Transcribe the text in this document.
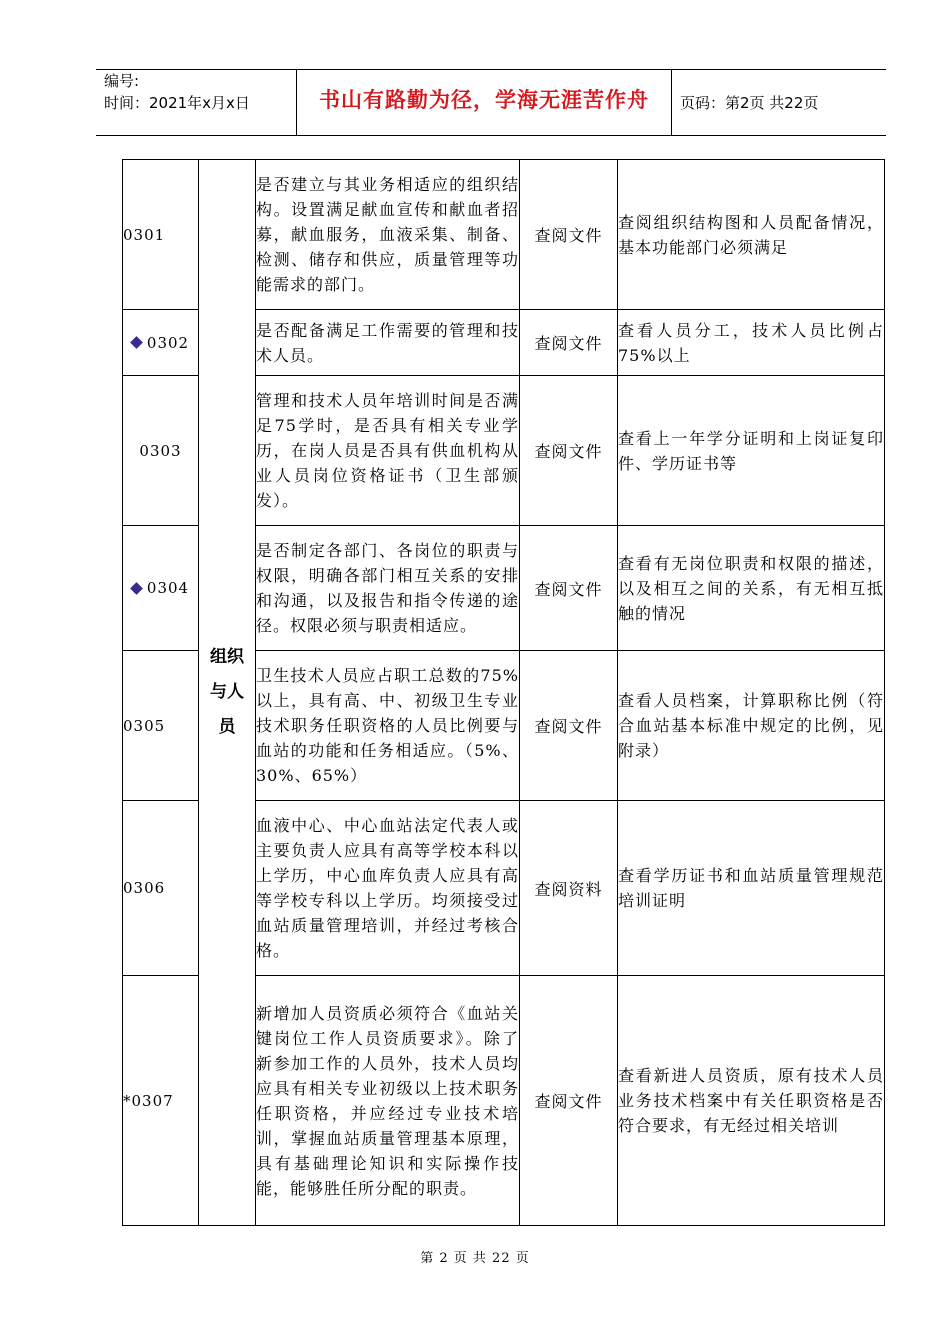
编号:
时间：2021年x月x日	书山有路勤为径，学海无涯苦作舟	页码：第2页 共22页
0301	组织与人员	是否建立与其业务相适应的组织结构。设置满足献血宣传和献血者招募，献血服务，血液采集、制备、检测、储存和供应，质量管理等功能需求的部门。	查阅文件	查阅组织结构图和人员配备情况，基本功能部门必须满足
0302		是否配备满足工作需要的管理和技术人员。	查阅文件	查看人员分工，技术人员比例占75%以上
0303		管理和技术人员年培训时间是否满足75学时，是否具有相关专业学历，在岗人员是否具有供血机构从业人员岗位资格证书（卫生部颁发）。	查阅文件	查看上一年学分证明和上岗证复印件、学历证书等
0304		是否制定各部门、各岗位的职责与权限，明确各部门相互关系的安排和沟通，以及报告和指令传递的途径。权限必须与职责相适应。	查阅文件	查看有无岗位职责和权限的描述，以及相互之间的关系，有无相互抵触的情况
0305		卫生技术人员应占职工总数的75%以上，具有高、中、初级卫生专业技术职务任职资格的人员比例要与血站的功能和任务相适应。（5%、30%、65%）	查阅文件	查看人员档案，计算职称比例（符合血站基本标准中规定的比例，见附录）
0306		血液中心、中心血站法定代表人或主要负责人应具有高等学校本科以上学历，中心血库负责人应具有高等学校专科以上学历。均须接受过血站质量管理培训，并经过考核合格。	查阅资料	查看学历证书和血站质量管理规范培训证明
*0307		新增加人员资质必须符合《血站关键岗位工作人员资质要求》。除了新参加工作的人员外，技术人员均应具有相关专业初级以上技术职务任职资格，并应经过专业技术培训，掌握血站质量管理基本原理，具有基础理论知识和实际操作技能，能够胜任所分配的职责。	查阅文件	查看新进人员资质，原有技术人员业务技术档案中有关任职资格是否符合要求，有无经过相关培训
第 2 页 共 22 页
